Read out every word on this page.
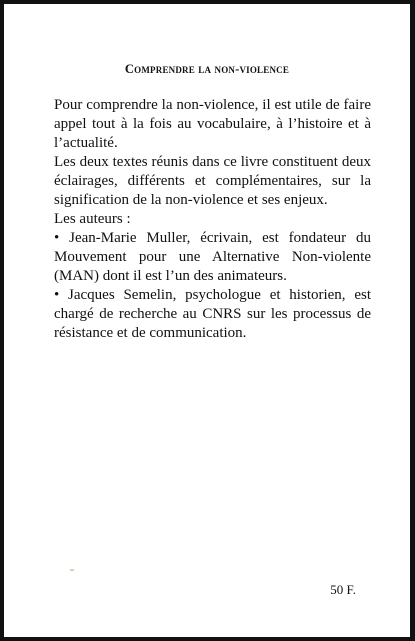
Comprendre la non-violence

Pour comprendre la non-violence, il est utile de faire appel tout à la fois au vocabulaire, à l’histoire et à l’actualité.

Les deux textes réunis dans ce livre constituent deux éclairages, différents et complémentaires, sur la signification de la non-violence et ses enjeux.

Les auteurs :

• Jean-Marie Muller, écrivain, est fondateur du Mouvement pour une Alternative Non-violente (MAN) dont il est l’un des animateurs.

• Jacques Semelin, psychologue et historien, est chargé de recherche au CNRS sur les processus de résistance et de communication.

50 F.
